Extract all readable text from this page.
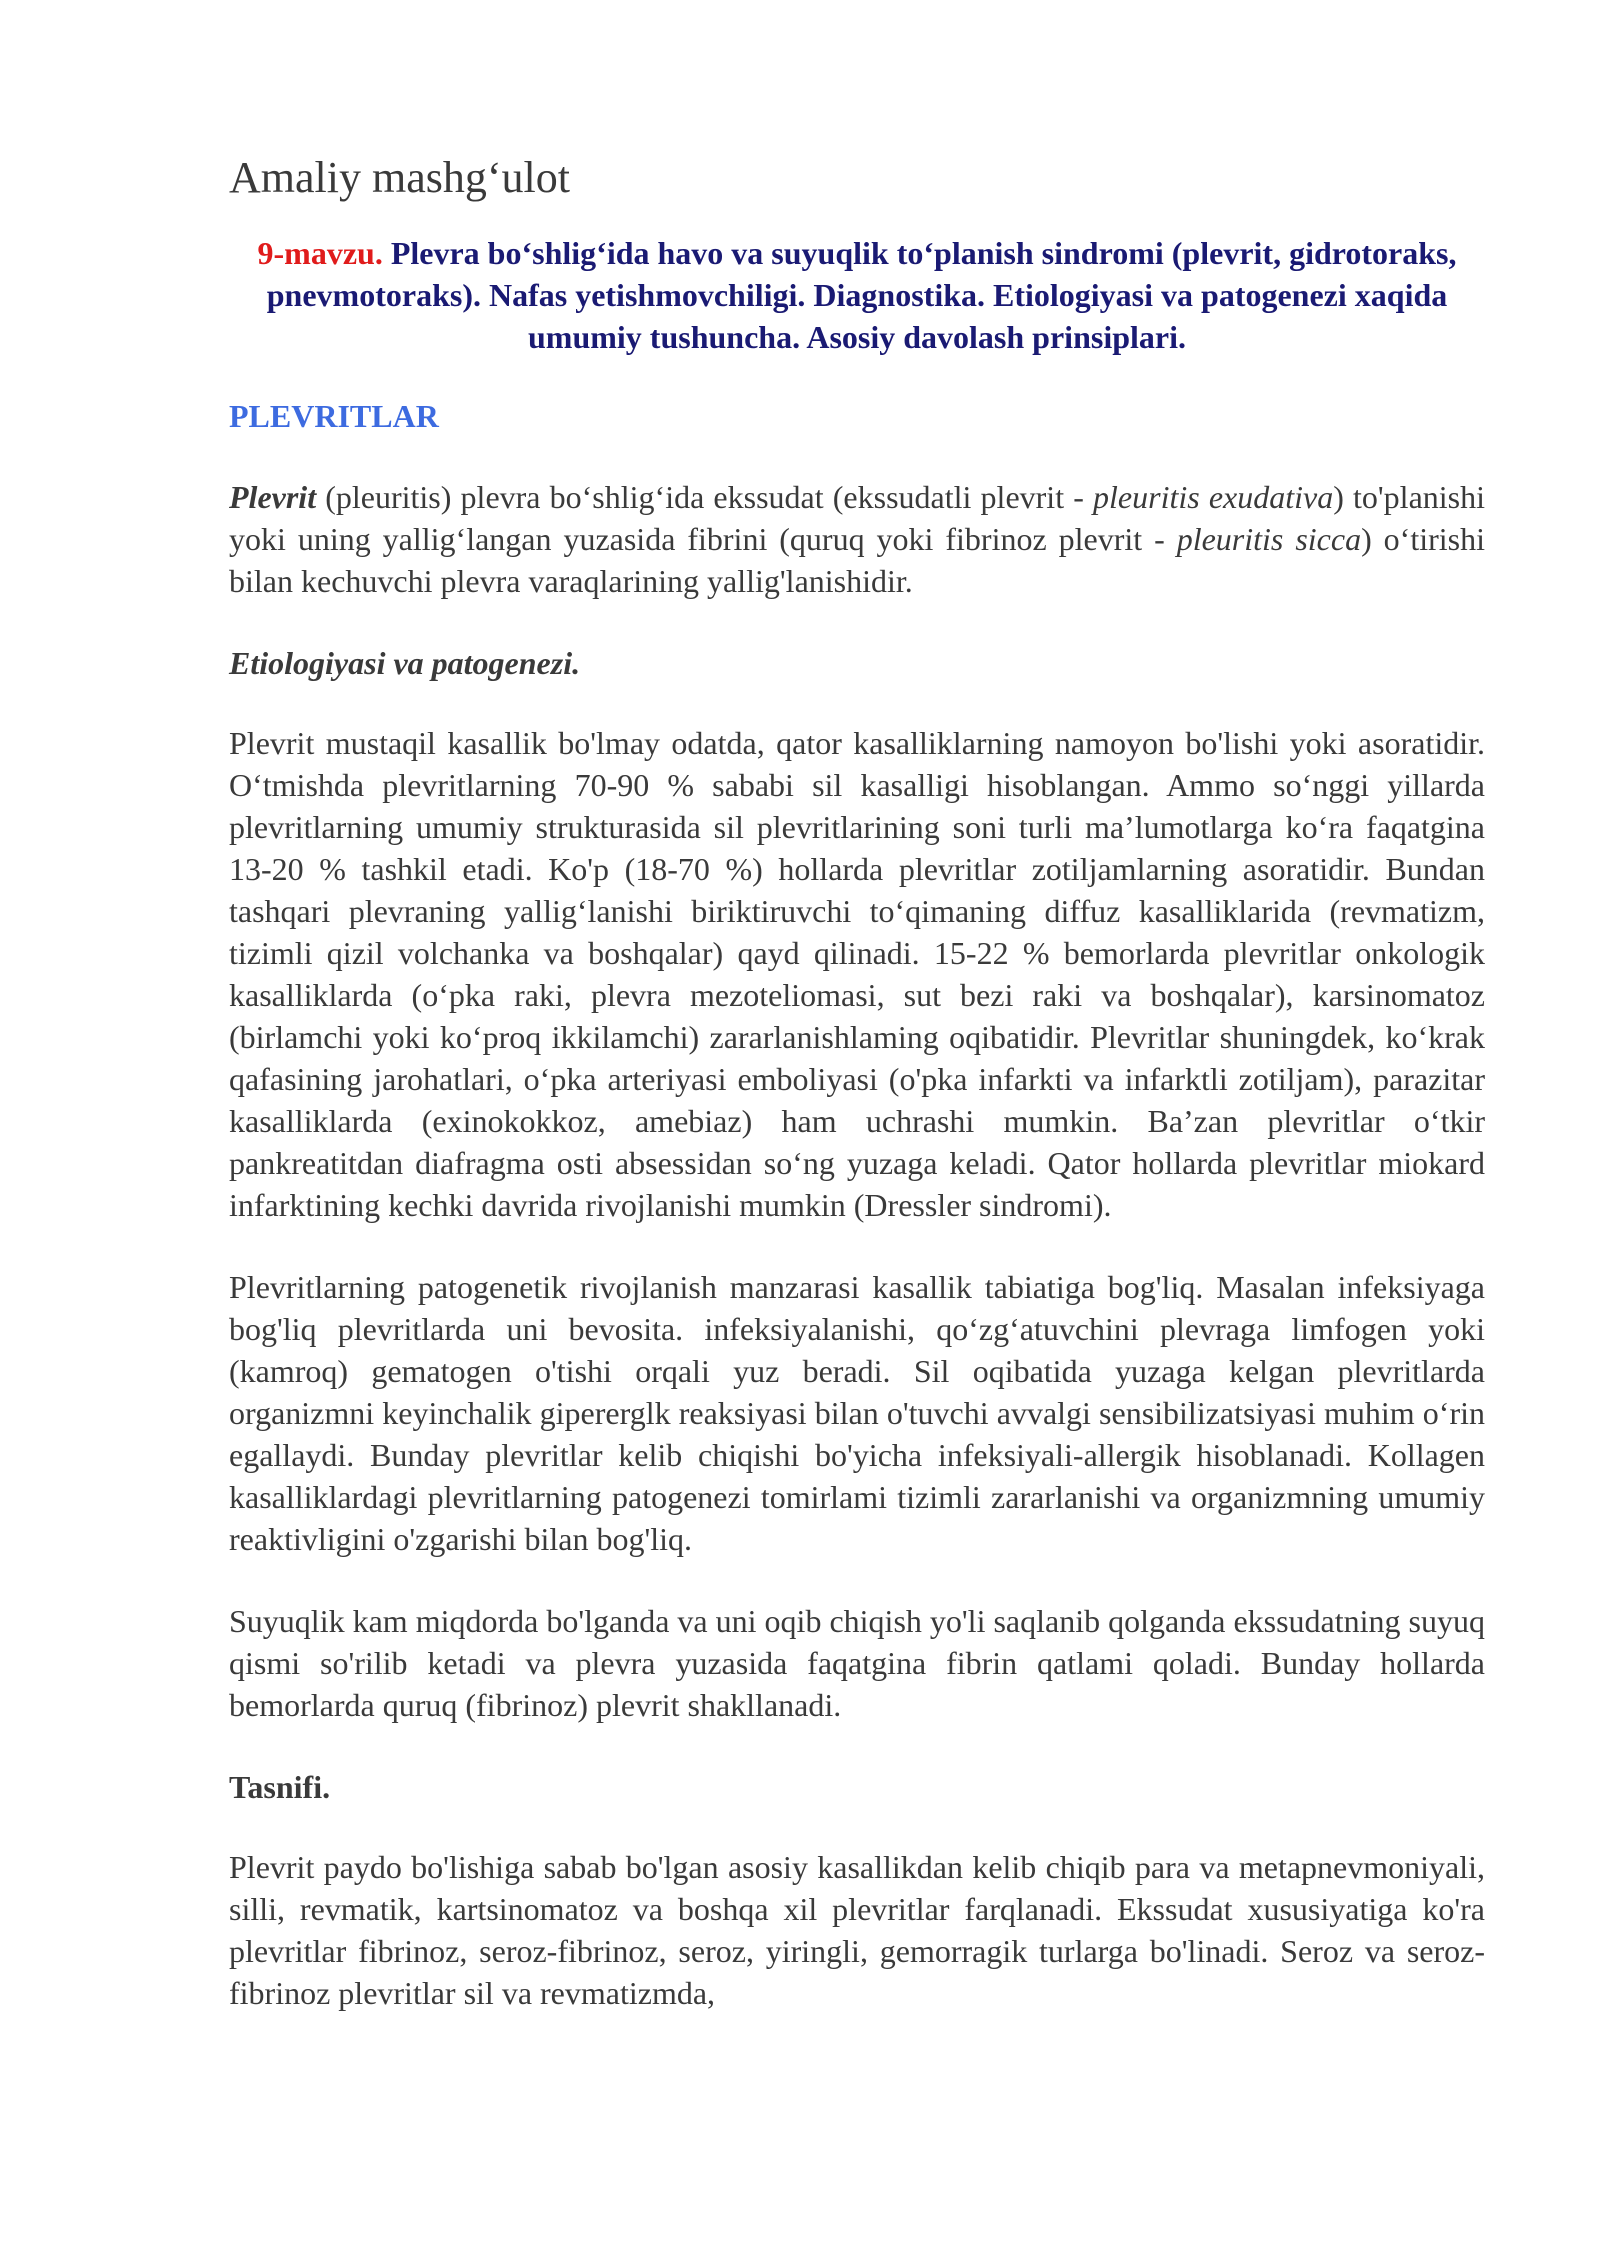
Amaliy mashg‘ulot
9-mavzu. Plevra bo‘shlig‘ida havo va suyuqlik to‘planish sindromi (plevrit, gidrotoraks, pnevmotoraks). Nafas yetishmovchiligi. Diagnostika. Etiologiyasi va patogenezi xaqida umumiy tushuncha. Asosiy davolash prinsiplari.
PLEVRITLAR

Plevrit (pleuritis) plevra bo‘shlig‘ida ekssudat (ekssudatli plevrit - pleuritis exudativa) to'planishi yoki uning yallig‘langan yuzasida fibrini (quruq yoki fibrinoz plevrit - pleuritis sicca) o‘tirishi bilan kechuvchi plevra varaqlarining yallig'lanishidir.

Etiologiyasi va patogenezi.

Plevrit mustaqil kasallik bo'lmay odatda, qator kasalliklarning namoyon bo'lishi yoki asoratidir. O‘tmishda plevritlarning 70-90 % sababi sil kasalligi hisoblangan. Ammo so‘nggi yillarda plevritlarning umumiy strukturasida sil plevritlarining soni turli ma’lumotlarga ko‘ra faqatgina 13-20 % tashkil etadi. Ko'p (18-70 %) hollarda plevritlar zotiljamlarning asoratidir. Bundan tashqari plevraning yallig‘lanishi biriktiruvchi to‘qimaning diffuz kasalliklarida (revmatizm, tizimli qizil volchanka va boshqalar) qayd qilinadi. 15-22 % bemorlarda plevritlar onkologik kasalliklarda (o‘pka raki, plevra mezoteliomasi, sut bezi raki va boshqalar), karsinomatoz (birlamchi yoki ko‘proq ikkilamchi) zararlanishlaming oqibatidir. Plevritlar shuningdek, ko‘krak qafasining jarohatlari, o‘pka arteriyasi emboliyasi (o'pka infarkti va infarktli zotiljam), parazitar kasalliklarda (exinokokkoz, amebiaz) ham uchrashi mumkin. Ba’zan plevritlar o‘tkir pankreatitdan diafragma osti absessidan so‘ng yuzaga keladi. Qator hollarda plevritlar miokard infarktining kechki davrida rivojlanishi mumkin (Dressler sindromi).

Plevritlarning patogenetik rivojlanish manzarasi kasallik tabiatiga bog'liq. Masalan infeksiyaga bog'liq plevritlarda uni bevosita. infeksiyalanishi, qo‘zg‘atuvchini plevraga limfogen yoki (kamroq) gematogen o'tishi orqali yuz beradi. Sil oqibatida yuzaga kelgan plevritlarda organizmni keyinchalik gipererglk reaksiyasi bilan o'tuvchi avvalgi sensibilizatsiyasi muhim o‘rin egallaydi. Bunday plevritlar kelib chiqishi bo'yicha infeksiyali-allergik hisoblanadi. Kollagen kasalliklardagi plevritlarning patogenezi tomirlami tizimli zararlanishi va organizmning umumiy reaktivligini o'zgarishi bilan bog'liq.

Suyuqlik kam miqdorda bo'lganda va uni oqib chiqish yo'li saqlanib qolganda ekssudatning suyuq qismi so'rilib ketadi va plevra yuzasida faqatgina fibrin qatlami qoladi. Bunday hollarda bemorlarda quruq (fibrinoz) plevrit shakllanadi.

Tasnifi.

Plevrit paydo bo'lishiga sabab bo'lgan asosiy kasallikdan kelib chiqib para va metapnevmoniyali, silli, revmatik, kartsinomatoz va boshqa xil plevritlar farqlanadi. Ekssudat xususiyatiga ko'ra plevritlar fibrinoz, seroz-fibrinoz, seroz, yiringli, gemorragik turlarga bo'linadi. Seroz va seroz-fibrinoz plevritlar sil va revmatizmda,
